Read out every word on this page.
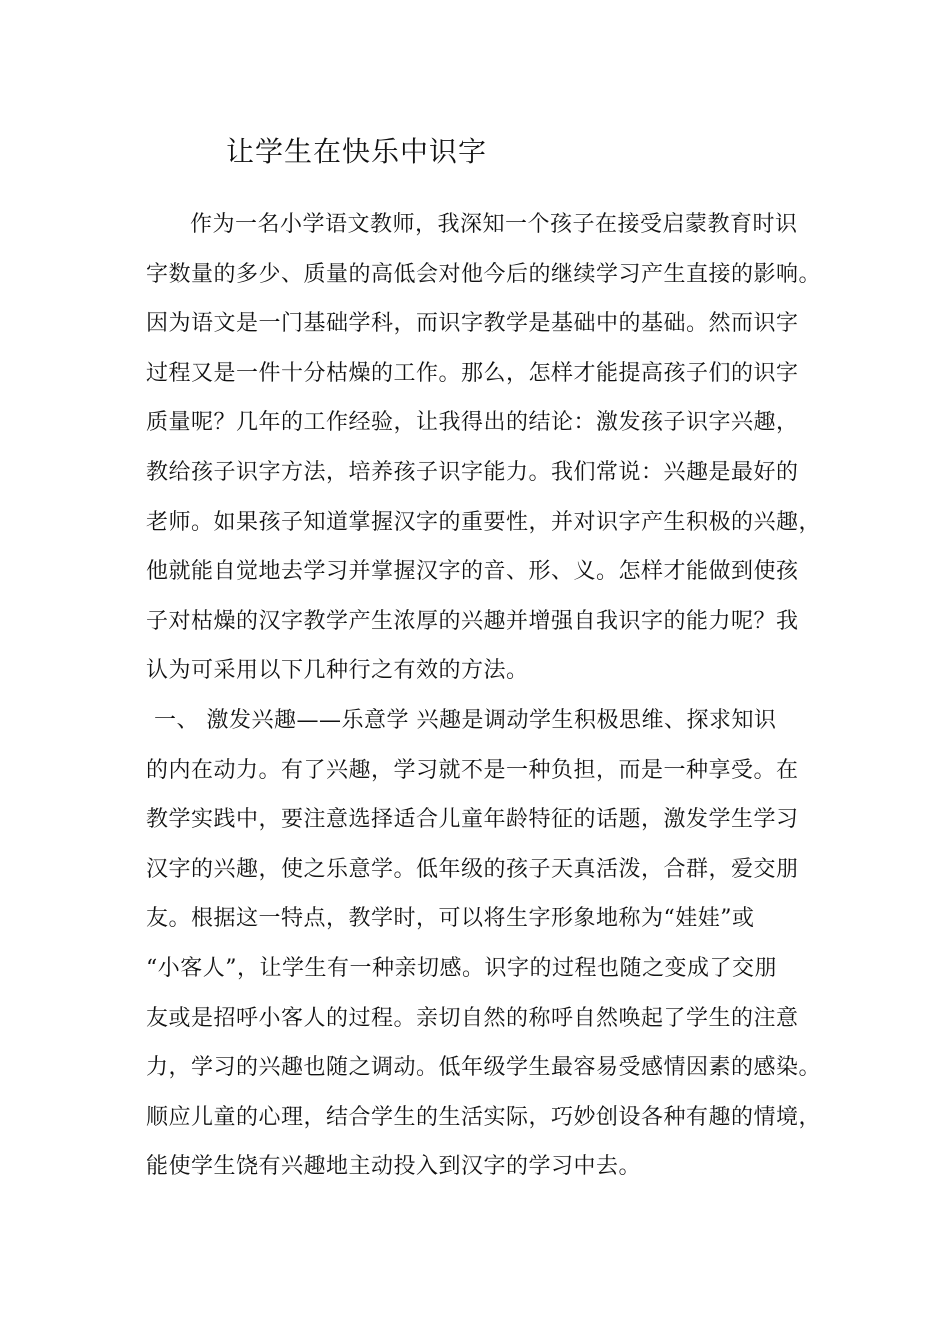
让学生在快乐中识字
作为一名小学语文教师，我深知一个孩子在接受启蒙教育时识
字数量的多少、质量的高低会对他今后的继续学习产生直接的影响。
因为语文是一门基础学科，而识字教学是基础中的基础。然而识字
过程又是一件十分枯燥的工作。那么，怎样才能提高孩子们的识字
质量呢？几年的工作经验，让我得出的结论：激发孩子识字兴趣，
教给孩子识字方法，培养孩子识字能力。我们常说：兴趣是最好的
老师。如果孩子知道掌握汉字的重要性，并对识字产生积极的兴趣，
他就能自觉地去学习并掌握汉字的音、形、义。怎样才能做到使孩
子对枯燥的汉字教学产生浓厚的兴趣并增强自我识字的能力呢？我
认为可采用以下几种行之有效的方法。
一、 激发兴趣——乐意学 兴趣是调动学生积极思维、探求知识
的内在动力。有了兴趣，学习就不是一种负担，而是一种享受。在
教学实践中，要注意选择适合儿童年龄特征的话题，激发学生学习
汉字的兴趣，使之乐意学。低年级的孩子天真活泼，合群，爱交朋
友。根据这一特点，教学时，可以将生字形象地称为“娃娃”或
“小客人”，让学生有一种亲切感。识字的过程也随之变成了交朋
友或是招呼小客人的过程。亲切自然的称呼自然唤起了学生的注意
力，学习的兴趣也随之调动。低年级学生最容易受感情因素的感染。
顺应儿童的心理，结合学生的生活实际，巧妙创设各种有趣的情境，
能使学生饶有兴趣地主动投入到汉字的学习中去。
